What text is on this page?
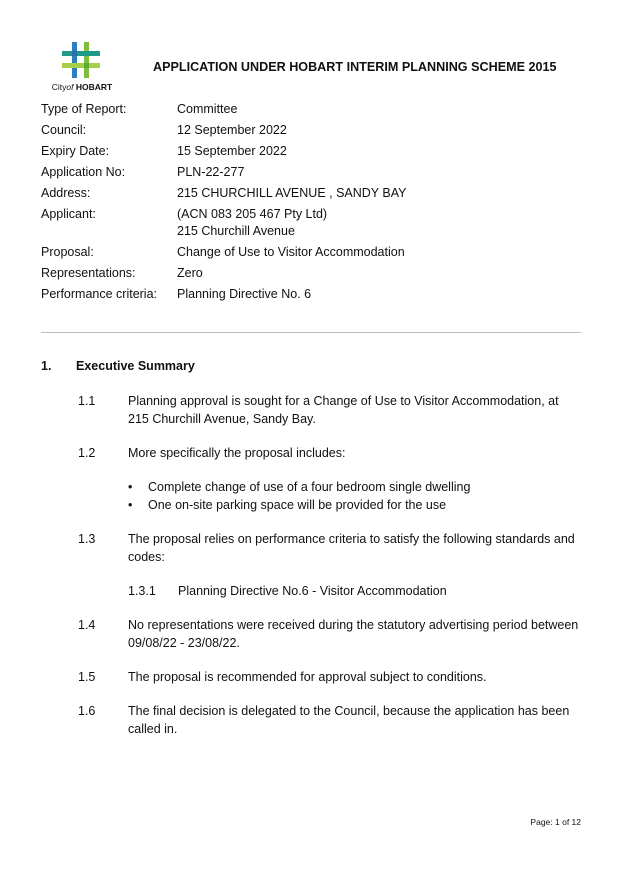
Cityof HOBART
APPLICATION UNDER HOBART INTERIM PLANNING SCHEME 2015
Type of Report:	Committee
Council:	12 September 2022
Expiry Date:	15 September 2022
Application No:	PLN-22-277
Address:	215 CHURCHILL AVENUE , SANDY BAY
Applicant:	(ACN 083 205 467 Pty Ltd)
215 Churchill Avenue
Proposal:	Change of Use to Visitor Accommodation
Representations:	Zero
Performance criteria:	Planning Directive No. 6
1.	Executive Summary
1.1	Planning approval is sought for a Change of Use to Visitor Accommodation, at 215 Churchill Avenue, Sandy Bay.
1.2	More specifically the proposal includes:
•	Complete change of use of a four bedroom single dwelling
•	One on-site parking space will be provided for the use
1.3	The proposal relies on performance criteria to satisfy the following standards and codes:
1.3.1	Planning Directive No.6 - Visitor Accommodation
1.4	No representations were received during the statutory advertising period between 09/08/22 - 23/08/22.
1.5	The proposal is recommended for approval subject to conditions.
1.6	The final decision is delegated to the Council, because the application has been called in.
Page: 1 of 12
